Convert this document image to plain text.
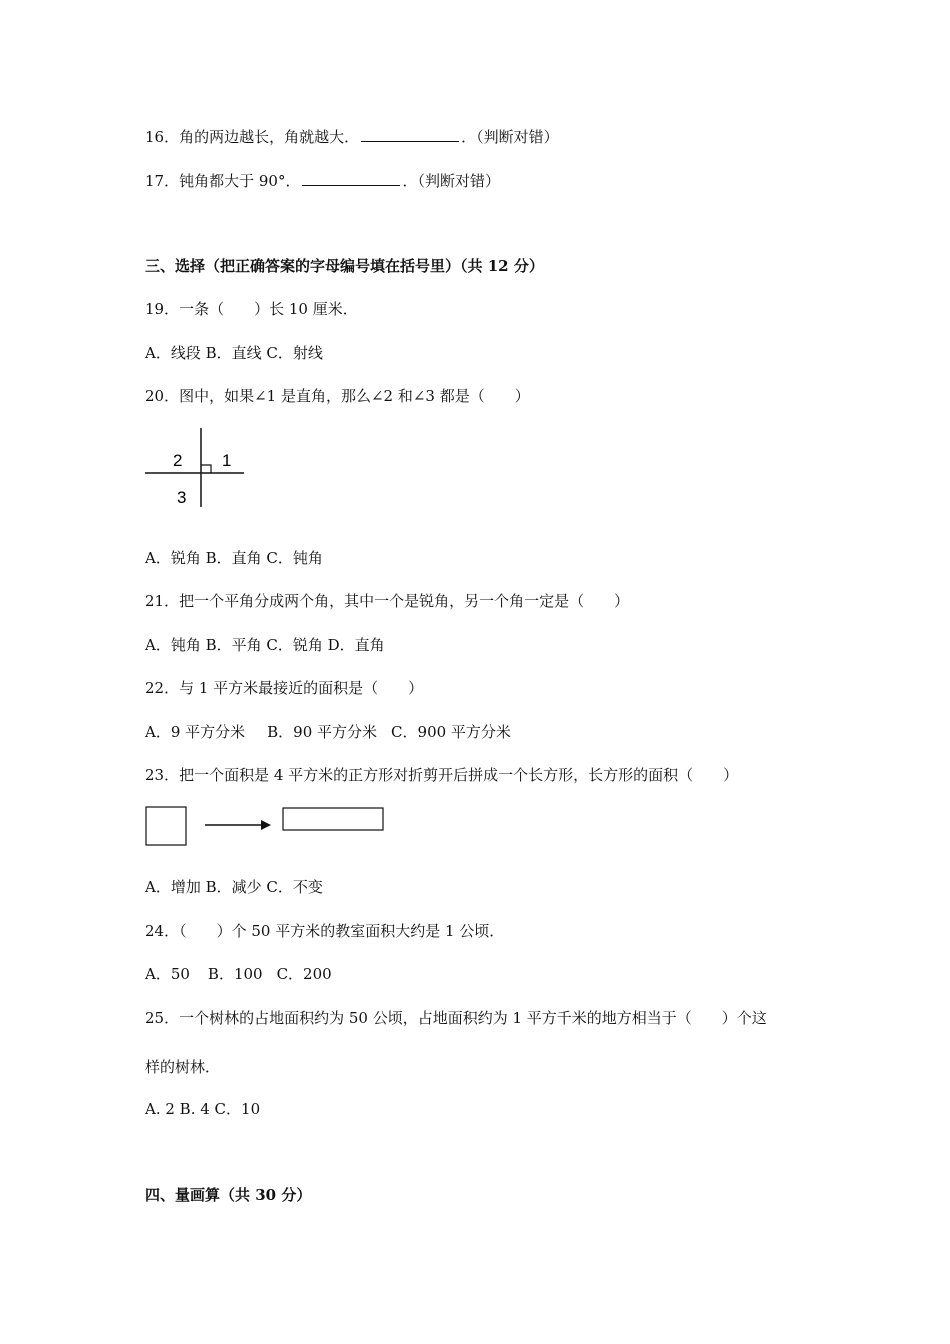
16．角的两边越长，角就越大．	．（判断对错）
17．钝角都大于 90°．	．（判断对错）
三、选择（把正确答案的字母编号填在括号里）（共 12 分）
19．一条（　　）长 10 厘米．
A．线段 B．直线 C．射线
20．图中，如果∠1 是直角，那么∠2 和∠3 都是（　　）
2 1
3
A．锐角 B．直角 C．钝角
21．把一个平角分成两个角，其中一个是锐角，另一个角一定是（　　）
A．钝角 B．平角 C．锐角 D．直角
22．与 1 平方米最接近的面积是（　　）
A．9 平方分米 B．90 平方分米 C．900 平方分米
23．把一个面积是 4 平方米的正方形对折剪开后拼成一个长方形，长方形的面积（　　）
A．增加 B．减少 C．不变
24．（　　）个 50 平方米的教室面积大约是 1 公顷．
A．50 B．100 C．200
25．一个树林的占地面积约为 50 公顷，占地面积约为 1 平方千米的地方相当于（　　）个这
样的树林．
A. 2 B. 4 C．10
四、量画算（共 30 分）
